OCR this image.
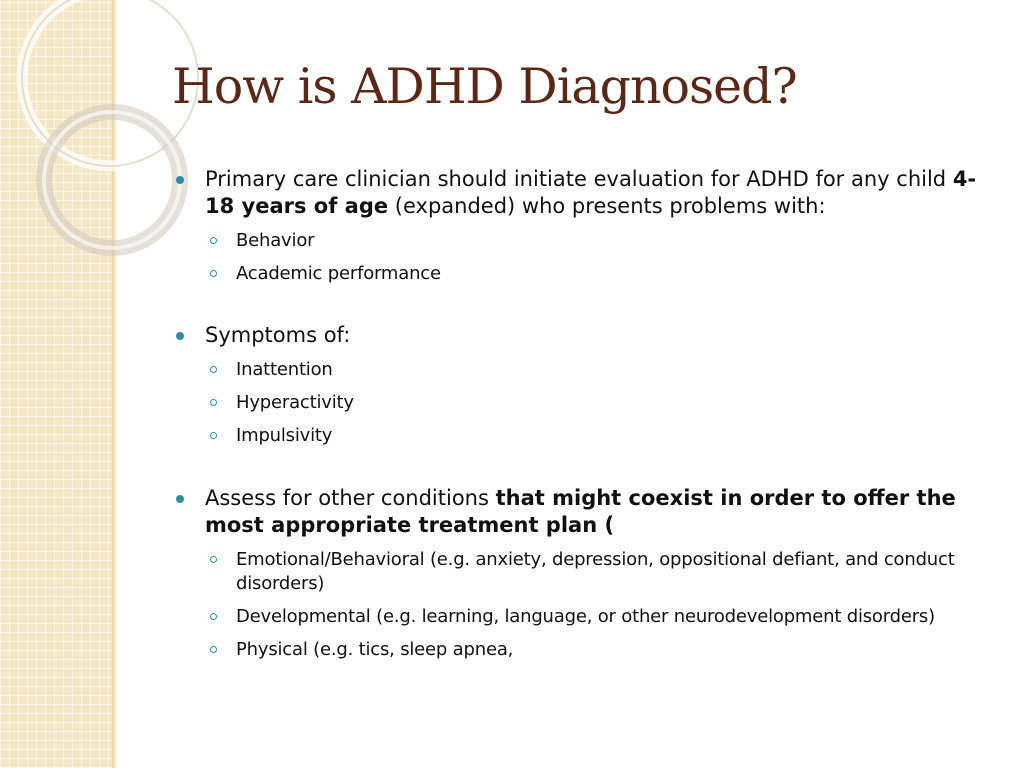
How is ADHD Diagnosed?

Primary care clinician should initiate evaluation for ADHD for any child 4-18 years of age (expanded) who presents problems with:

Behavior

Academic performance

Symptoms of:

Inattention

Hyperactivity

Impulsivity

Assess for other conditions that might coexist in order to offer the most appropriate treatment plan (

Emotional/Behavioral (e.g. anxiety, depression, oppositional defiant, and conduct disorders)

Developmental (e.g. learning, language, or other neurodevelopment disorders)

Physical (e.g. tics, sleep apnea,
